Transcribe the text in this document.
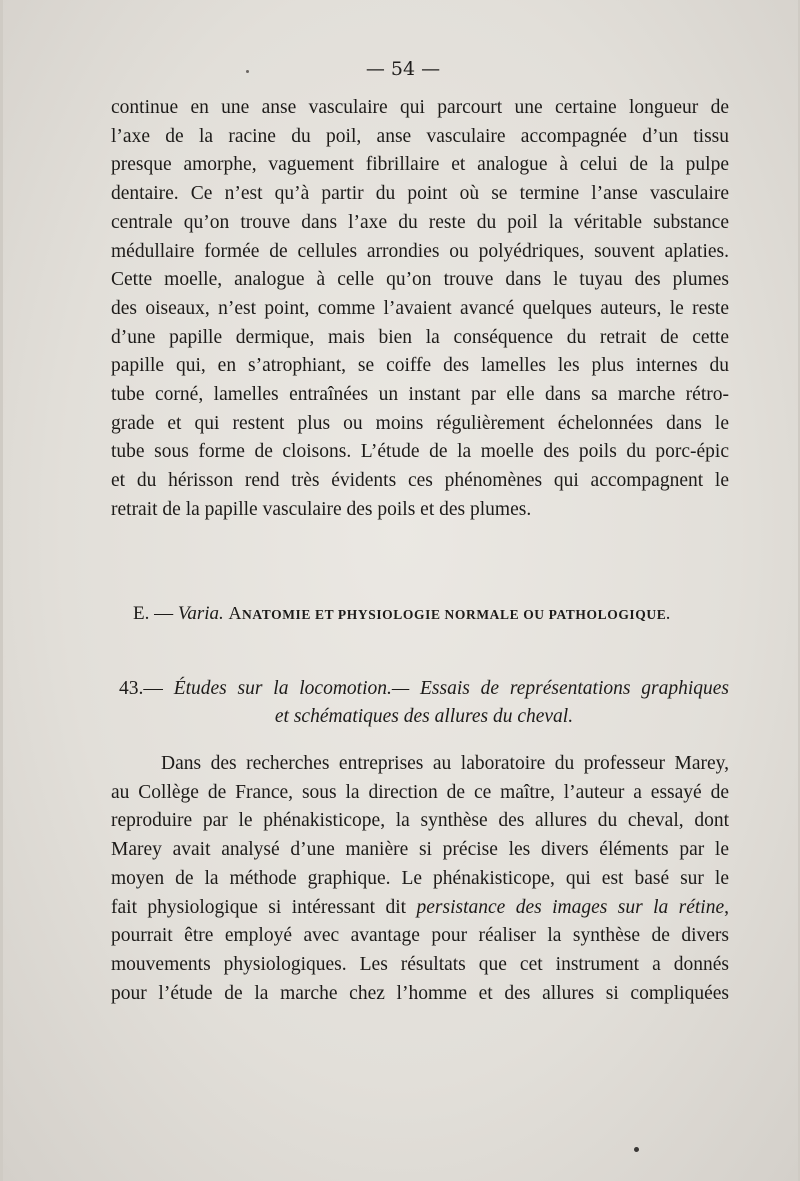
— 54 —
continue en une anse vasculaire qui parcourt une certaine longueur de
l’axe de la racine du poil, anse vasculaire accompagnée d’un tissu
presque amorphe, vaguement fibrillaire et analogue à celui de la pulpe
dentaire. Ce n’est qu’à partir du point où se termine l’anse vasculaire
centrale qu’on trouve dans l’axe du reste du poil la véritable substance
médullaire formée de cellules arrondies ou polyédriques, souvent aplaties.
Cette moelle, analogue à celle qu’on trouve dans le tuyau des plumes
des oiseaux, n’est point, comme l’avaient avancé quelques auteurs, le reste
d’une papille dermique, mais bien la conséquence du retrait de cette
papille qui, en s’atrophiant, se coiffe des lamelles les plus internes du
tube corné, lamelles entraînées un instant par elle dans sa marche rétro-
grade et qui restent plus ou moins régulièrement échelonnées dans le
tube sous forme de cloisons. L’étude de la moelle des poils du porc-épic
et du hérisson rend très évidents ces phénomènes qui accompagnent le
retrait de la papille vasculaire des poils et des plumes.
E. — Varia. ANATOMIE ET PHYSIOLOGIE NORMALE OU PATHOLOGIQUE.
43.— Études sur la locomotion.— Essais de représentations graphiques
et schématiques des allures du cheval.
Dans des recherches entreprises au laboratoire du professeur Marey,
au Collège de France, sous la direction de ce maître, l’auteur a essayé de
reproduire par le phénakisticope, la synthèse des allures du cheval, dont
Marey avait analysé d’une manière si précise les divers éléments par le
moyen de la méthode graphique. Le phénakisticope, qui est basé sur le
fait physiologique si intéressant dit persistance des images sur la rétine,
pourrait être employé avec avantage pour réaliser la synthèse de divers
mouvements physiologiques. Les résultats que cet instrument a donnés
pour l’étude de la marche chez l’homme et des allures si compliquées
